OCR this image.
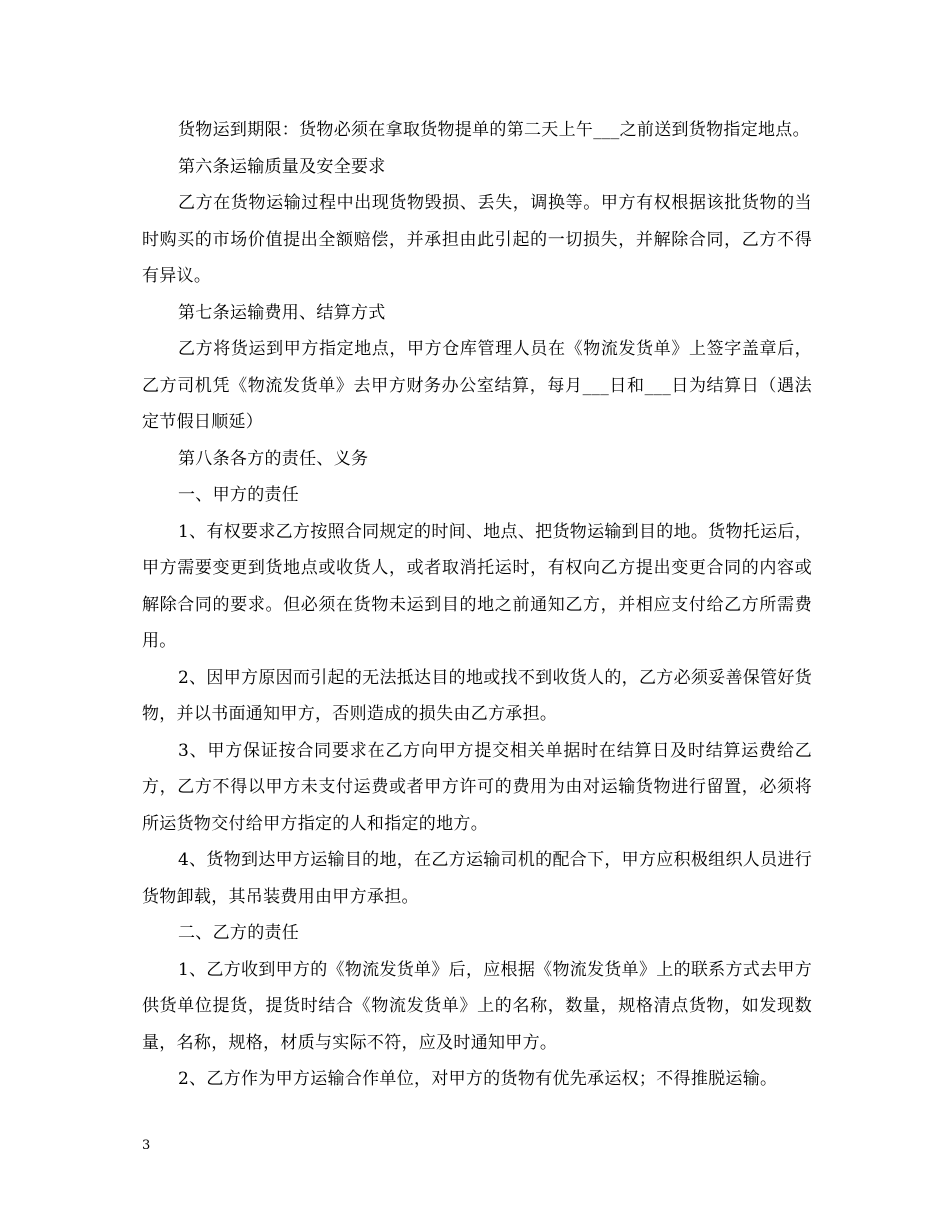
货物运到期限：货物必须在拿取货物提单的第二天上午___之前送到货物指定地点。

第六条运输质量及安全要求

乙方在货物运输过程中出现货物毁损、丢失，调换等。甲方有权根据该批货物的当时购买的市场价值提出全额赔偿，并承担由此引起的一切损失，并解除合同，乙方不得有异议。

第七条运输费用、结算方式

乙方将货运到甲方指定地点，甲方仓库管理人员在《物流发货单》上签字盖章后，乙方司机凭《物流发货单》去甲方财务办公室结算，每月___日和___日为结算日（遇法定节假日顺延）

第八条各方的责任、义务

一、甲方的责任

1、有权要求乙方按照合同规定的时间、地点、把货物运输到目的地。货物托运后，甲方需要变更到货地点或收货人，或者取消托运时，有权向乙方提出变更合同的内容或解除合同的要求。但必须在货物未运到目的地之前通知乙方，并相应支付给乙方所需费用。

2、因甲方原因而引起的无法抵达目的地或找不到收货人的，乙方必须妥善保管好货物，并以书面通知甲方，否则造成的损失由乙方承担。

3、甲方保证按合同要求在乙方向甲方提交相关单据时在结算日及时结算运费给乙方，乙方不得以甲方未支付运费或者甲方许可的费用为由对运输货物进行留置，必须将所运货物交付给甲方指定的人和指定的地方。

4、货物到达甲方运输目的地，在乙方运输司机的配合下，甲方应积极组织人员进行货物卸载，其吊装费用由甲方承担。

二、乙方的责任

1、乙方收到甲方的《物流发货单》后，应根据《物流发货单》上的联系方式去甲方供货单位提货，提货时结合《物流发货单》上的名称，数量，规格清点货物，如发现数量，名称，规格，材质与实际不符，应及时通知甲方。

2、乙方作为甲方运输合作单位，对甲方的货物有优先承运权；不得推脱运输。

3
